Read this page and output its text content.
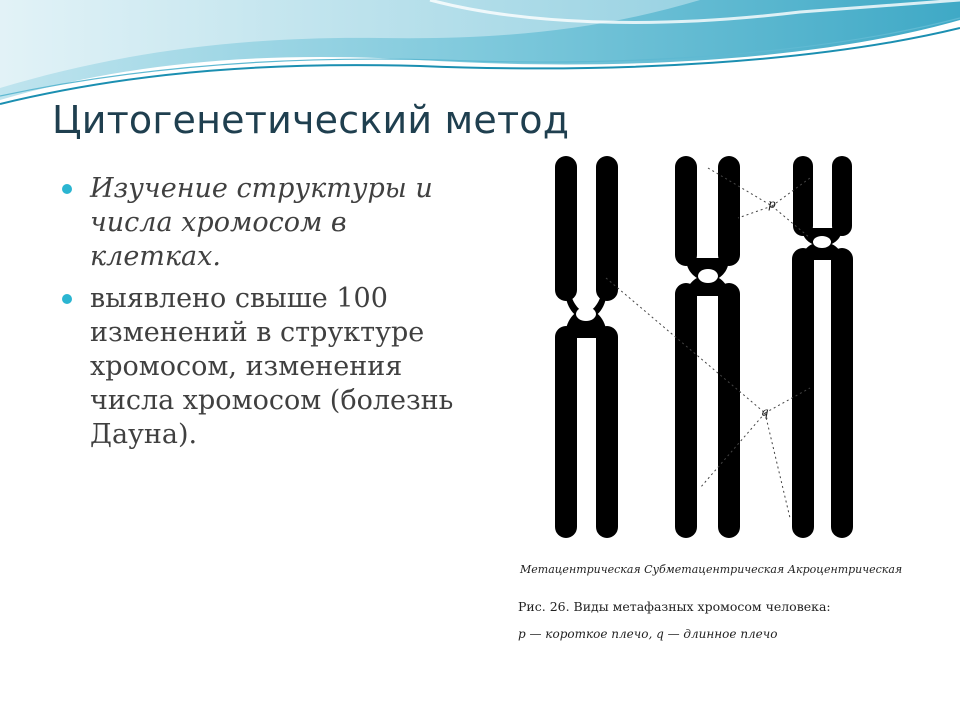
Цитогенетический метод
Изучение структуры и числа хромосом в клетках.
выявлено свыше 100 изменений в структуре хромосом, изменения числа хромосом (болезнь Дауна).
p
q
Метацентрическая Субметацентрическая Акроцентрическая
Рис. 26. Виды метафазных хромосом человека:
р — короткое плечо, q — длинное плечо
